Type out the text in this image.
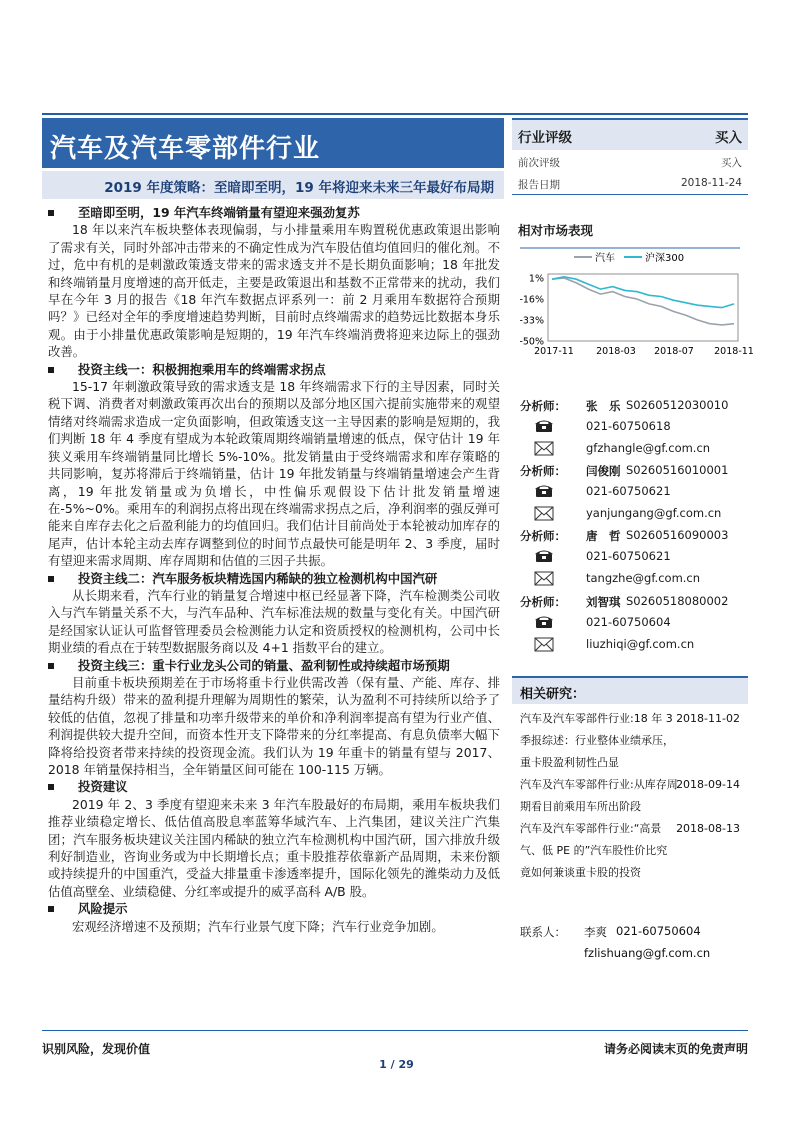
汽车及汽车零部件行业
2019 年度策略：至暗即至明，19 年将迎来未来三年最好布局期

至暗即至明，19 年汽车终端销量有望迎来强劲复苏

18 年以来汽车板块整体表现偏弱，与小排量乘用车购置税优惠政策退出影响了需求有关，同时外部冲击带来的不确定性成为汽车股估值均值回归的催化剂。不过，危中有机的是刺激政策透支带来的需求透支并不是长期负面影响；18 年批发和终端销量月度增速的高开低走，主要是政策退出和基数不正常带来的扰动，我们早在今年 3 月的报告《18 年汽车数据点评系列一：前 2 月乘用车数据符合预期吗？》已经对全年的季度增速趋势判断，目前时点终端需求的趋势远比数据本身乐观。由于小排量优惠政策影响是短期的，19 年汽车终端消费将迎来边际上的强劲改善。

投资主线一：积极拥抱乘用车的终端需求拐点

15-17 年刺激政策导致的需求透支是 18 年终端需求下行的主导因素，同时关税下调、消费者对刺激政策再次出台的预期以及部分地区国六提前实施带来的观望情绪对终端需求造成一定负面影响，但政策透支这一主导因素的影响是短期的，我们判断 18 年 4 季度有望成为本轮政策周期终端销量增速的低点，保守估计 19 年狭义乘用车终端销量同比增长 5%-10%。批发销量由于受终端需求和库存策略的共同影响，复苏将滞后于终端销量，估计 19 年批发销量与终端销量增速会产生背离，19 年批发销量或为负增长，中性偏乐观假设下估计批发销量增速在-5%~0%。乘用车的利润拐点将出现在终端需求拐点之后，净利润率的强反弹可能来自库存去化之后盈利能力的均值回归。我们估计目前尚处于本轮被动加库存的尾声，估计本轮主动去库存调整到位的时间节点最快可能是明年 2、3 季度，届时有望迎来需求周期、库存周期和估值的三因子共振。

投资主线二：汽车服务板块精选国内稀缺的独立检测机构中国汽研

从长期来看，汽车行业的销量复合增速中枢已经显著下降，汽车检测类公司收入与汽车销量关系不大，与汽车品种、汽车标准法规的数量与变化有关。中国汽研是经国家认证认可监督管理委员会检测能力认定和资质授权的检测机构，公司中长期业绩的看点在于转型数据服务商以及 4+1 指数平台的建立。

投资主线三：重卡行业龙头公司的销量、盈利韧性或持续超市场预期

目前重卡板块预期差在于市场将重卡行业供需改善（保有量、产能、库存、排量结构升级）带来的盈利提升理解为周期性的繁荣，认为盈利不可持续所以给予了较低的估值，忽视了排量和功率升级带来的单价和净利润率提高有望为行业产值、利润提供较大提升空间，而资本性开支下降带来的分红率提高、有息负债率大幅下降将给投资者带来持续的投资现金流。我们认为 19 年重卡的销量有望与 2017、2018 年销量保持相当，全年销量区间可能在 100-115 万辆。

投资建议

2019 年 2、3 季度有望迎来未来 3 年汽车股最好的布局期，乘用车板块我们推荐业绩稳定增长、低估值高股息率蓝筹华域汽车、上汽集团，建议关注广汽集团；汽车服务板块建议关注国内稀缺的独立汽车检测机构中国汽研，国六排放升级利好制造业，咨询业务或为中长期增长点；重卡股推荐依靠新产品周期，未来份额或持续提升的中国重汽，受益大排量重卡渗透率提升，国际化领先的潍柴动力及低估值高壁垒、业绩稳健、分红率或提升的威孚高科 A/B 股。

风险提示

宏观经济增速不及预期；汽车行业景气度下降；汽车行业竞争加剧。

行业评级	买入
前次评级	买入
报告日期	2018-11-24
相对市场表现
汽车	沪深300
1%
-16%
-33%
-50%
2017-11 2018-03 2018-07 2018-11
分析师： 张　乐 S0260512030010
021-60750618
gfzhangle@gf.com.cn
分析师： 闫俊刚 S0260516010001
021-60750621
yanjungang@gf.com.cn
分析师： 唐　哲 S0260516090003
021-60750621
tangzhe@gf.com.cn
分析师： 刘智琪 S0260518080002
021-60750604
liuzhiqi@gf.com.cn
相关研究：
汽车及汽车零部件行业:18 年 3 季报综述：行业整体业绩承压，重卡股盈利韧性凸显
2018-11-02
汽车及汽车零部件行业:从库存周期看目前乘用车所出阶段
2018-09-14
汽车及汽车零部件行业:“高景气、低 PE 的”汽车股性价比究竟如何兼谈重卡股的投资
2018-08-13
联系人： 李爽 021-60750604
fzlishuang@gf.com.cn
识别风险，发现价值	请务必阅读末页的免责声明
1 / 29
